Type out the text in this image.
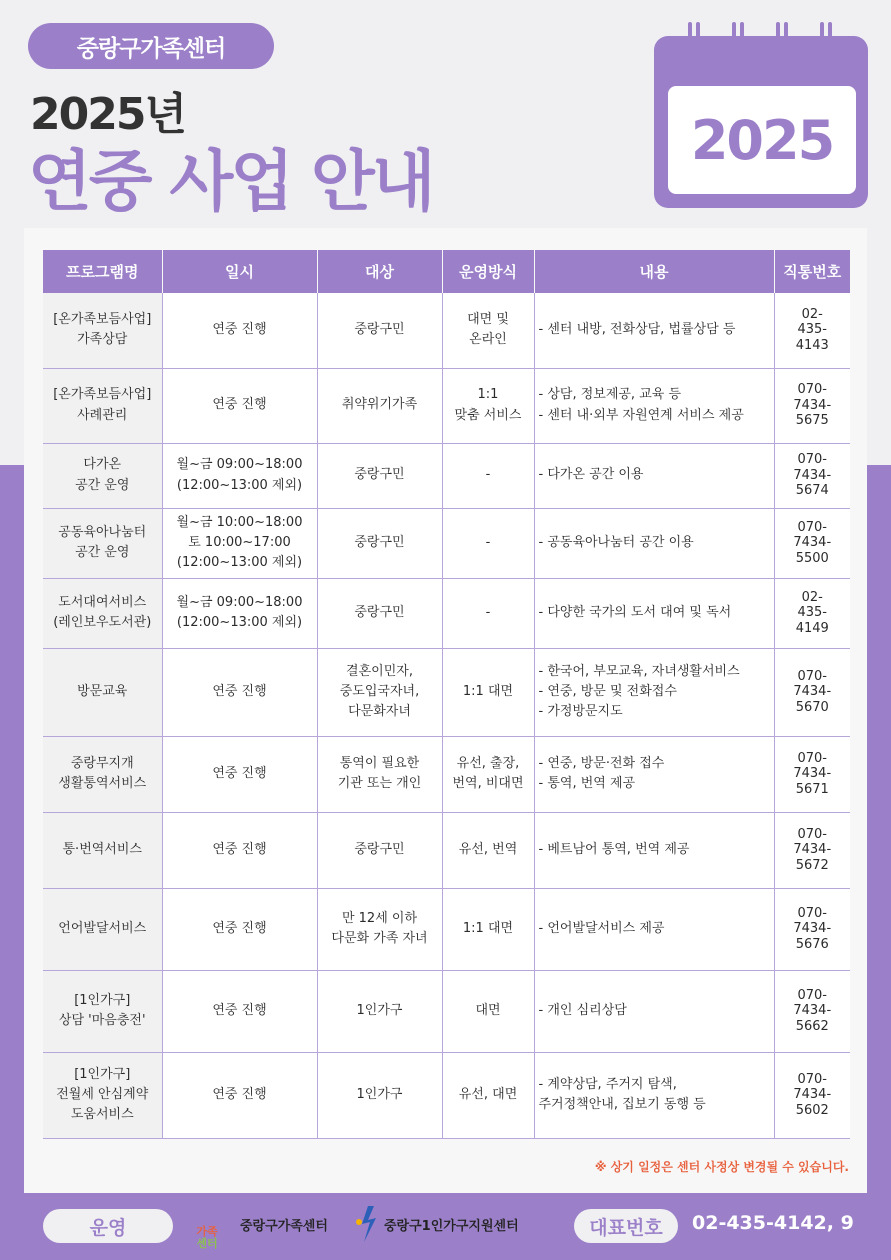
중랑구가족센터
2025년
연중 사업 안내
2025
프로그램명	일시	대상	운영방식	내용	직통번호
[온가족보듬사업]
가족상담	연중 진행	중랑구민	대면 및
온라인	- 센터 내방, 전화상담, 법률상담 등	02-
435-
4143
[온가족보듬사업]
사례관리	연중 진행	취약위기가족	1:1
맞춤 서비스	- 상담, 정보제공, 교육 등
- 센터 내·외부 자원연계 서비스 제공	070-
7434-
5675
다가온
공간 운영	월~금 09:00~18:00
(12:00~13:00 제외)	중랑구민	-	- 다가온 공간 이용	070-
7434-
5674
공동육아나눔터
공간 운영	월~금 10:00~18:00
토 10:00~17:00
(12:00~13:00 제외)	중랑구민	-	- 공동육아나눔터 공간 이용	070-
7434-
5500
도서대여서비스
(레인보우도서관)	월~금 09:00~18:00
(12:00~13:00 제외)	중랑구민	-	- 다양한 국가의 도서 대여 및 독서	02-
435-
4149
방문교육	연중 진행	결혼이민자,
중도입국자녀,
다문화자녀	1:1 대면	- 한국어, 부모교육, 자녀생활서비스
- 연중, 방문 및 전화접수
- 가정방문지도	070-
7434-
5670
중랑무지개
생활통역서비스	연중 진행	통역이 필요한
기관 또는 개인	유선, 출장,
번역, 비대면	- 연중, 방문·전화 접수
- 통역, 번역 제공	070-
7434-
5671
통·번역서비스	연중 진행	중랑구민	유선, 번역	- 베트남어 통역, 번역 제공	070-
7434-
5672
언어발달서비스	연중 진행	만 12세 이하
다문화 가족 자녀	1:1 대면	- 언어발달서비스 제공	070-
7434-
5676
[1인가구]
상담 '마음충전'	연중 진행	1인가구	대면	- 개인 심리상담	070-
7434-
5662
[1인가구]
전월세 안심계약
도움서비스	연중 진행	1인가구	유선, 대면	- 계약상담, 주거지 탐색,
주거정책안내, 집보기 동행 등	070-
7434-
5602
※ 상기 일정은 센터 사정상 변경될 수 있습니다.
운영	가족
센터
중랑구가족센터	중랑구1인가구지원센터	대표번호	02-435-4142, 9
